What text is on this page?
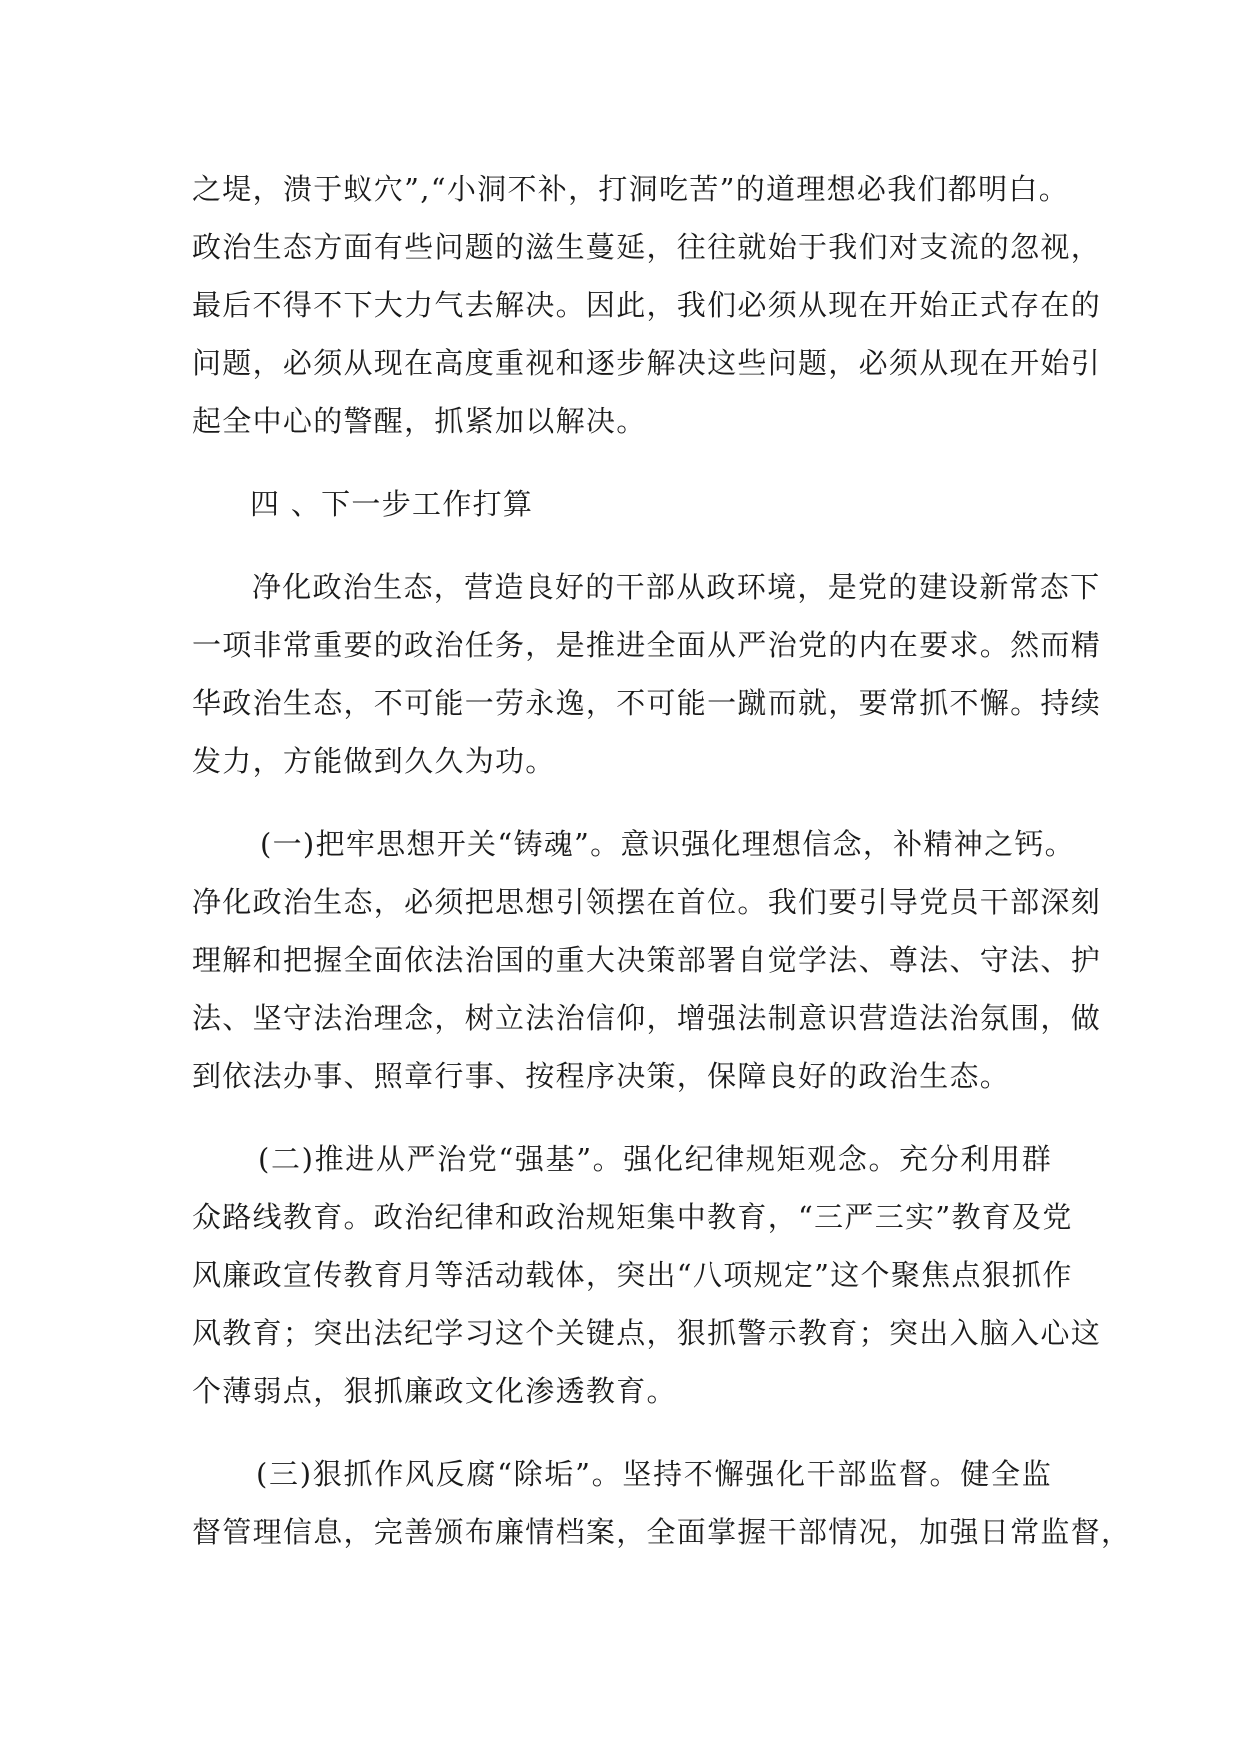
之堤，溃于蚁穴”,“小洞不补，打洞吃苦”的道理想必我们都明白。
政治生态方面有些问题的滋生蔓延，往往就始于我们对支流的忽视，
最后不得不下大力气去解决。因此，我们必须从现在开始正式存在的
问题，必须从现在高度重视和逐步解决这些问题，必须从现在开始引
起全中心的警醒，抓紧加以解决。
四 、下一步工作打算
净化政治生态，营造良好的干部从政环境，是党的建设新常态下
一项非常重要的政治任务，是推进全面从严治党的内在要求。然而精
华政治生态，不可能一劳永逸，不可能一蹴而就，要常抓不懈。持续
发力，方能做到久久为功。
(一)把牢思想开关“铸魂”。意识强化理想信念，补精神之钙。
净化政治生态，必须把思想引领摆在首位。我们要引导党员干部深刻
理解和把握全面依法治国的重大决策部署自觉学法、尊法、守法、护
法、坚守法治理念，树立法治信仰，增强法制意识营造法治氛围，做
到依法办事、照章行事、按程序决策，保障良好的政治生态。
(二)推进从严治党“强基”。强化纪律规矩观念。充分利用群
众路线教育。政治纪律和政治规矩集中教育，“三严三实”教育及党
风廉政宣传教育月等活动载体，突出“八项规定”这个聚焦点狠抓作
风教育；突出法纪学习这个关键点，狠抓警示教育；突出入脑入心这
个薄弱点，狠抓廉政文化渗透教育。
(三)狠抓作风反腐“除垢”。坚持不懈强化干部监督。健全监
督管理信息，完善颁布廉情档案，全面掌握干部情况，加强日常监督，
